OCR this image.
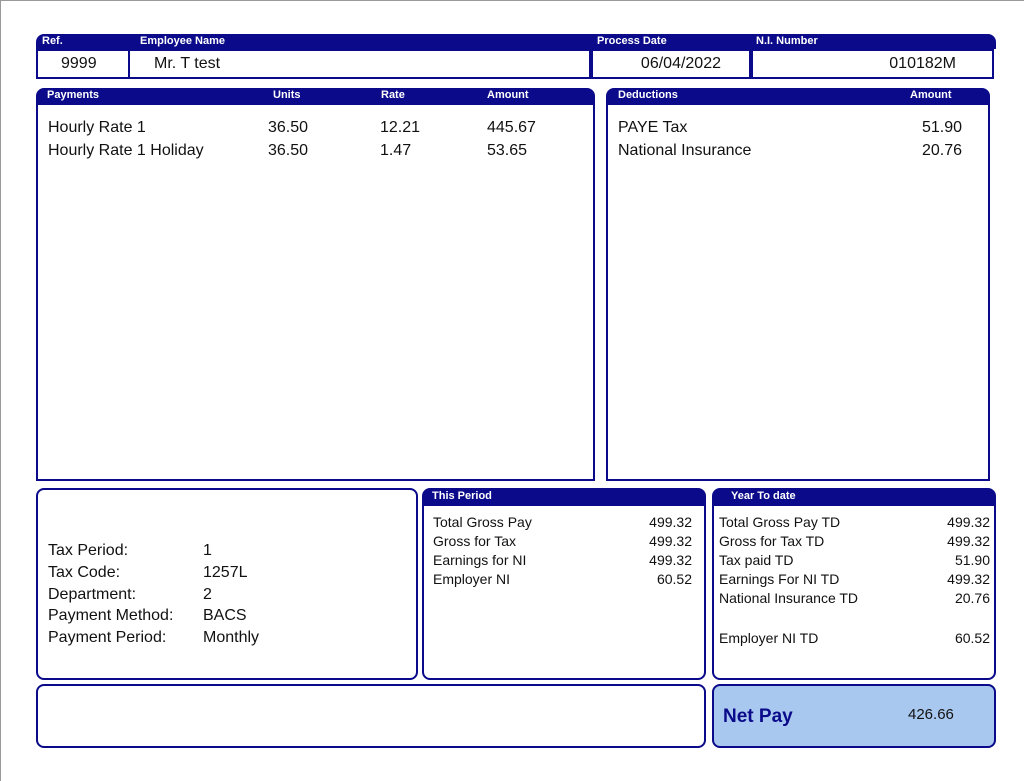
Ref.	Employee Name	Process Date	N.I. Number
9999	Mr. T test	06/04/2022	010182M
Payments	Units	Rate	Amount
Hourly Rate 1	36.50	12.21	445.67
Hourly Rate 1 Holiday	36.50	1.47	53.65
Deductions	Amount
PAYE Tax	51.90
National Insurance	20.76
Tax Period:	1
Tax Code:	1257L
Department:	2
Payment Method: BACS
Payment Period: Monthly
This Period
Total Gross Pay	499.32
Gross for Tax	499.32
Earnings for NI	499.32
Employer NI	60.52
Year To date
Total Gross Pay TD	499.32
Gross for Tax TD	499.32
Tax paid TD	51.90
Earnings For NI TD	499.32
National Insurance TD	20.76
Employer NI TD	60.52
Net Pay	426.66
